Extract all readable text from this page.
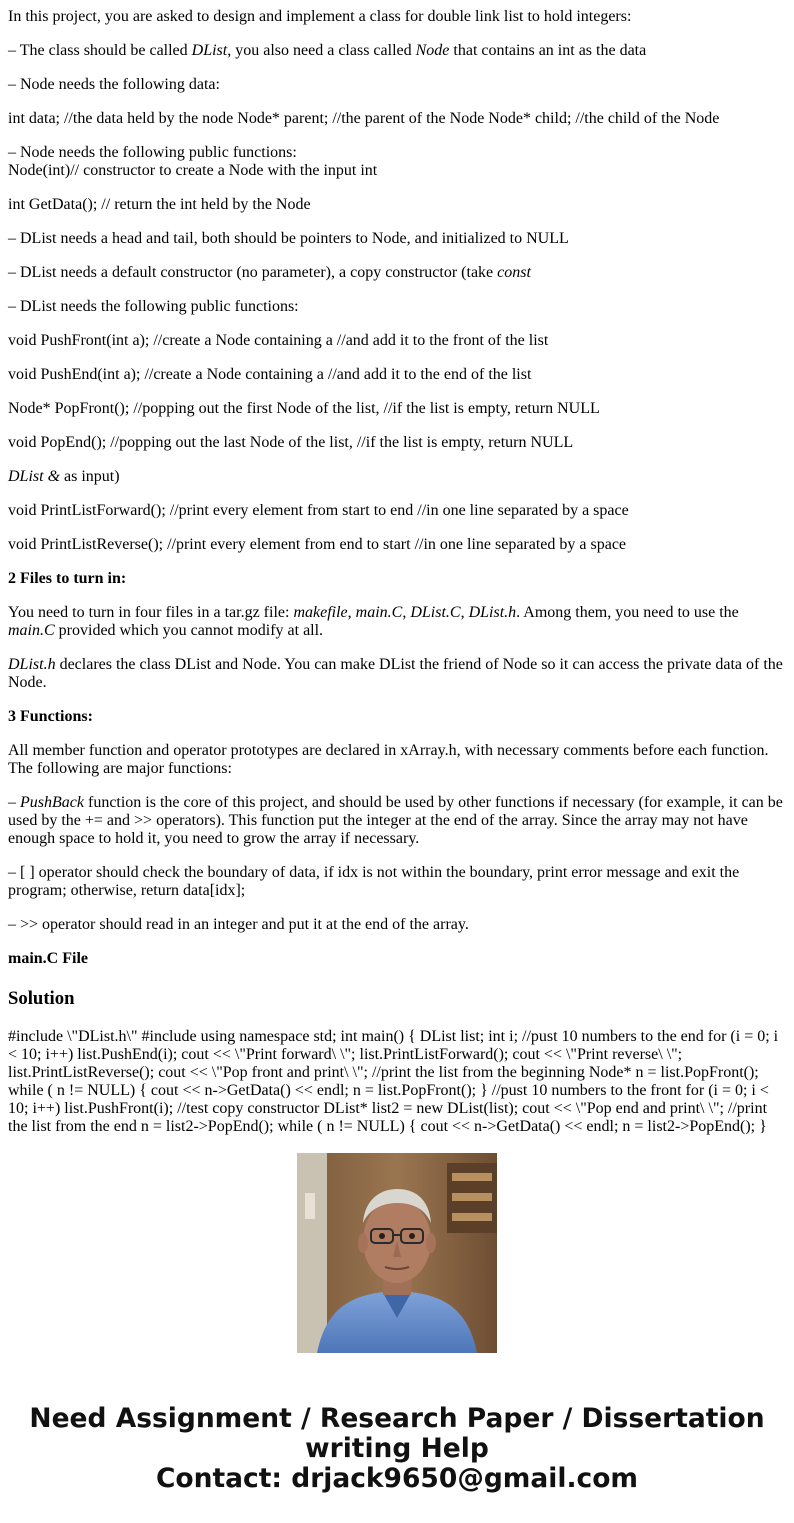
In this project, you are asked to design and implement a class for double link list to hold integers:

– The class should be called DList, you also need a class called Node that contains an int as the data

– Node needs the following data:

int data; //the data held by the node Node* parent; //the parent of the Node Node* child; //the child of the Node

– Node needs the following public functions:
Node(int)// constructor to create a Node with the input int

int GetData(); // return the int held by the Node

– DList needs a head and tail, both should be pointers to Node, and initialized to NULL

– DList needs a default constructor (no parameter), a copy constructor (take const

– DList needs the following public functions:

void PushFront(int a); //create a Node containing a //and add it to the front of the list

void PushEnd(int a); //create a Node containing a //and add it to the end of the list

Node* PopFront(); //popping out the first Node of the list, //if the list is empty, return NULL

void PopEnd(); //popping out the last Node of the list, //if the list is empty, return NULL

DList & as input)

void PrintListForward(); //print every element from start to end //in one line separated by a space

void PrintListReverse(); //print every element from end to start //in one line separated by a space

2 Files to turn in:

You need to turn in four files in a tar.gz file: makefile, main.C, DList.C, DList.h. Among them, you need to use the main.C provided which you cannot modify at all.

DList.h declares the class DList and Node. You can make DList the friend of Node so it can access the private data of the Node.

3 Functions:

All member function and operator prototypes are declared in xArray.h, with necessary comments before each function. The following are major functions:

– PushBack function is the core of this project, and should be used by other functions if necessary (for example, it can be used by the += and >> operators). This function put the integer at the end of the array. Since the array may not have enough space to hold it, you need to grow the array if necessary.

– [ ] operator should check the boundary of data, if idx is not within the boundary, print error message and exit the program; otherwise, return data[idx];

– >> operator should read in an integer and put it at the end of the array.

main.C File

Solution

#include \"DList.h\" #include using namespace std; int main() { DList list; int i; //pust 10 numbers to the end for (i = 0; i < 10; i++) list.PushEnd(i); cout << \"Print forward\ \"; list.PrintListForward(); cout << \"Print reverse\ \"; list.PrintListReverse(); cout << \"Pop front and print\ \"; //print the list from the beginning Node* n = list.PopFront(); while ( n != NULL) { cout << n->GetData() << endl; n = list.PopFront(); } //pust 10 numbers to the front for (i = 0; i < 10; i++) list.PushFront(i); //test copy constructor DList* list2 = new DList(list); cout << \"Pop end and print\ \"; //print the list from the end n = list2->PopEnd(); while ( n != NULL) { cout << n->GetData() << endl; n = list2->PopEnd(); }

Need Assignment / Research Paper / Dissertation
writing Help
Contact: drjack9650@gmail.com
